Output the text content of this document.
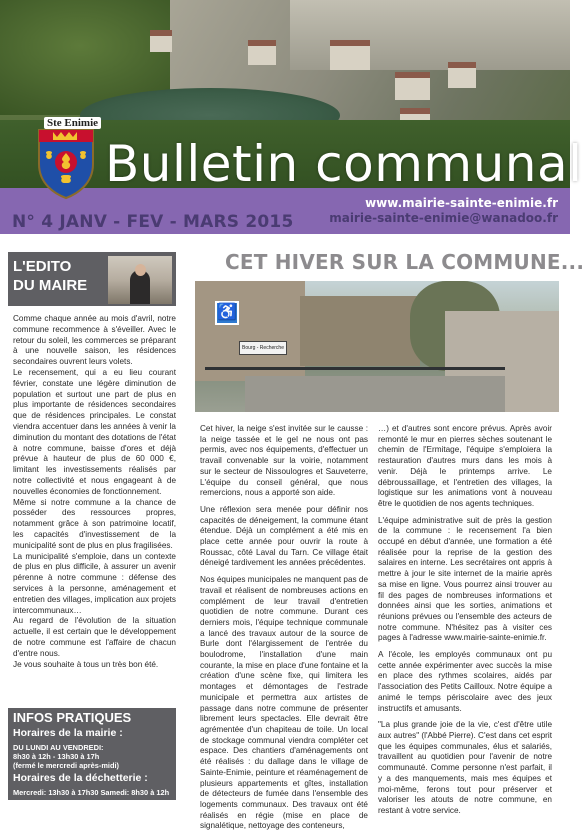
Bulletin communal
Ste Enimie
N° 4 JANV - FEV - MARS 2015
www.mairie-sainte-enimie.fr
mairie-sainte-enimie@wanadoo.fr
L'EDITO
DU MAIRE

Comme chaque année au mois d'avril, notre commune recommence à s'éveiller. Avec le retour du soleil, les commerces se préparant à une nouvelle saison, les résidences secondaires ouvrent leurs volets.

Le recensement, qui a eu lieu courant février, constate une légère diminution de population et surtout une part de plus en plus importante de résidences secondaires que de résidences principales. Le constat viendra accentuer dans les années à venir la diminution du montant des dotations de l'état à notre commune, baisse d'ores et déjà prévue à hauteur de plus de 60 000 €, limitant les investissements réalisés par notre collectivité et nous engageant à de nouvelles économies de fonctionnement.

Même si notre commune a la chance de posséder des ressources propres, notamment grâce à son patrimoine locatif, les capacités d'investissement de la municipalité sont de plus en plus fragilisées.

La municipalité s'emploie, dans un contexte de plus en plus difficile, à assurer un avenir pérenne à notre commune : défense des services à la personne, aménagement et entretien des villages, implication aux projets intercommunaux…

Au regard de l'évolution de la situation actuelle, il est certain que le développement de notre commune est l'affaire de chacun d'entre nous.

Je vous souhaite à tous un très bon été.

INFOS PRATIQUES
Horaires de la mairie :
DU LUNDI AU VENDREDI:
8h30 à 12h - 13h30 à 17h
(fermé le mercredi après-midi)
Horaires de la déchetterie :
Mercredi: 13h30 à 17h30 Samedi: 8h30 à 12h
CET HIVER SUR LA COMMUNE...
♿
Bourg - Recherche

Cet hiver, la neige s'est invitée sur le causse : la neige tassée et le gel ne nous ont pas permis, avec nos équipements, d'effectuer un travail convenable sur la voirie, notamment sur le secteur de Nissoulogres et Sauveterre, L'équipe du conseil général, que nous remercions, nous a apporté son aide.

Une réflexion sera menée pour définir nos capacités de déneigement, la commune étant étendue. Déjà un complément a été mis en place cette année pour ouvrir la route à Roussac, côté Laval du Tarn. Ce village était déneigé tardivement les années précédentes.

Nos équipes municipales ne manquent pas de travail et réalisent de nombreuses actions en complément de leur travail d'entretien quotidien de notre commune. Durant ces derniers mois, l'équipe technique communale a lancé des travaux autour de la source de Burle dont l'élargissement de l'entrée du boulodrome, l'installation d'une main courante, la mise en place d'une fontaine et la création d'une scène fixe, qui limitera les montages et démontages de l'estrade municipale et permettra aux artistes de passage dans notre commune de présenter librement leurs spectacles. Elle devrait être agrémentée d'un chapiteau de toile. Un local de stockage communal viendra compléter cet espace. Des chantiers d'aménagements ont été réalisés : du dallage dans le village de Sainte-Enimie, peinture et réaménagement de plusieurs appartements et gîtes, installation de détecteurs de fumée dans l'ensemble des logements communaux. Des travaux ont été réalisés en régie (mise en place de signalétique, nettoyage des conteneurs,

…) et d'autres sont encore prévus. Après avoir remonté le mur en pierres sèches soutenant le chemin de l'Ermitage, l'équipe s'emploiera la restauration d'autres murs dans les mois à venir. Déjà le printemps arrive. Le débroussaillage, et l'entretien des villages, la logistique sur les animations vont à nouveau être le quotidien de nos agents techniques.

L'équipe administrative suit de près la gestion de la commune : le recensement l'a bien occupé en début d'année, une formation a été réalisée pour la reprise de la gestion des salaires en interne. Les secrétaires ont appris à mettre à jour le site internet de la mairie après sa mise en ligne. Vous pourrez ainsi trouver au fil des pages de nombreuses informations et données ainsi que les sorties, animations et réunions prévues ou l'ensemble des acteurs de notre commune. N'hésitez pas à visiter ces pages à l'adresse www.mairie-sainte-enimie.fr.

A l'école, les employés communaux ont pu cette année expérimenter avec succès la mise en place des rythmes scolaires, aidés par l'association des Petits Cailloux. Notre équipe a animé le temps périscolaire avec des jeux instructifs et amusants.

"La plus grande joie de la vie, c'est d'être utile aux autres" (l'Abbé Pierre). C'est dans cet esprit que les équipes communales, élus et salariés, travaillent au quotidien pour l'avenir de notre communauté. Comme personne n'est parfait, il y a des manquements, mais mes équipes et moi-même, ferons tout pour préserver et valoriser les atouts de notre commune, en restant à votre service.
